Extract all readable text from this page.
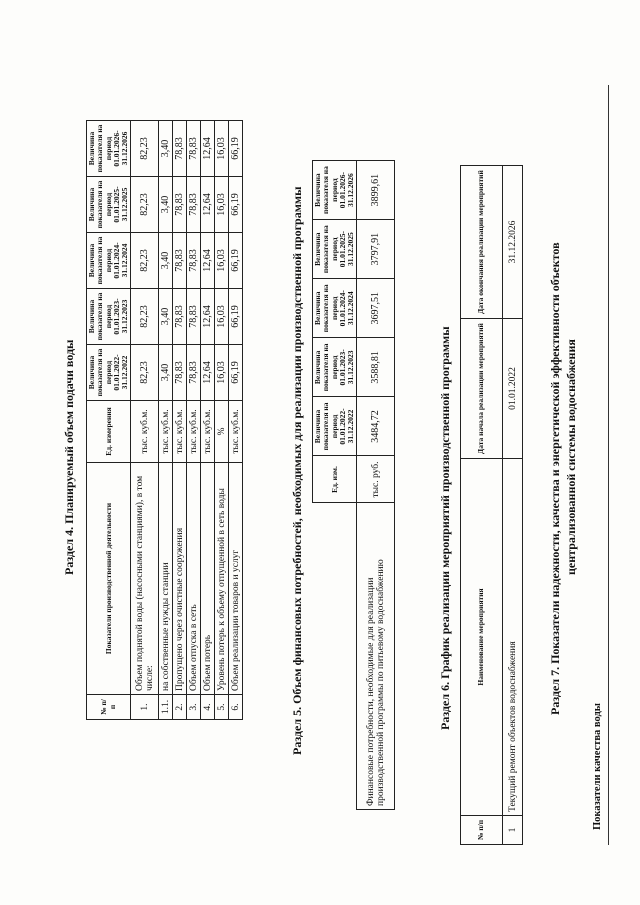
Раздел 4. Планируемый объем подачи воды
№ п/п	Показатели производственной деятельности	Ед. измерения	Величина показателя на период 01.01.2022-31.12.2022	Величина показателя на период 01.01.2023-31.12.2023	Величина показателя на период 01.01.2024-31.12.2024	Величина показателя на период 01.01.2025-31.12.2025	Величина показателя на период 01.01.2026-31.12.2026
1.	Объем поднятой воды (насосными станциями), в том числе:	тыс. куб.м.	82,23	82,23	82,23	82,23	82,23
1.1.	на собственные нужды станции	тыс. куб.м.	3,40	3,40	3,40	3,40	3,40
2.	Пропущено через очистные сооружения	тыс. куб.м.	78,83	78,83	78,83	78,83	78,83
3.	Объем отпуска в сеть	тыс. куб.м.	78,83	78,83	78,83	78,83	78,83
4.	Объем потерь	тыс. куб.м.	12,64	12,64	12,64	12,64	12,64
5.	Уровень потерь к объему отпущенной в сеть воды	%	16,03	16,03	16,03	16,03	16,03
6.	Объем реализации товаров и услуг	тыс. куб.м.	66,19	66,19	66,19	66,19	66,19
Раздел 5. Объем финансовых потребностей, необходимых для реализации производственной программы
		Ед. изм.	Величина показателя на период 01.01.2022-31.12.2022	Величина показателя на период 01.01.2023-31.12.2023	Величина показателя на период 01.01.2024-31.12.2024	Величина показателя на период 01.01.2025-31.12.2025	Величина показателя на период 01.01.2026-31.12.2026
Финансовые потребности, необходимые для реализации производственной программы по питьевому водоснабжению	тыс. руб.	3484,72	3588,81	3697,51	3797,91	3899,61
Раздел 6. График реализации мероприятий производственной программы
№ п/п	Наименование мероприятия	Дата начала реализации мероприятий	Дата окончания реализации мероприятий
1	Текущий ремонт объектов водоснабжения	01.01.2022	31.12.2026
Раздел 7. Показатели надежности, качества и энергетической эффективности объектов централизованной системы водоснабжения
Показатели качества воды
